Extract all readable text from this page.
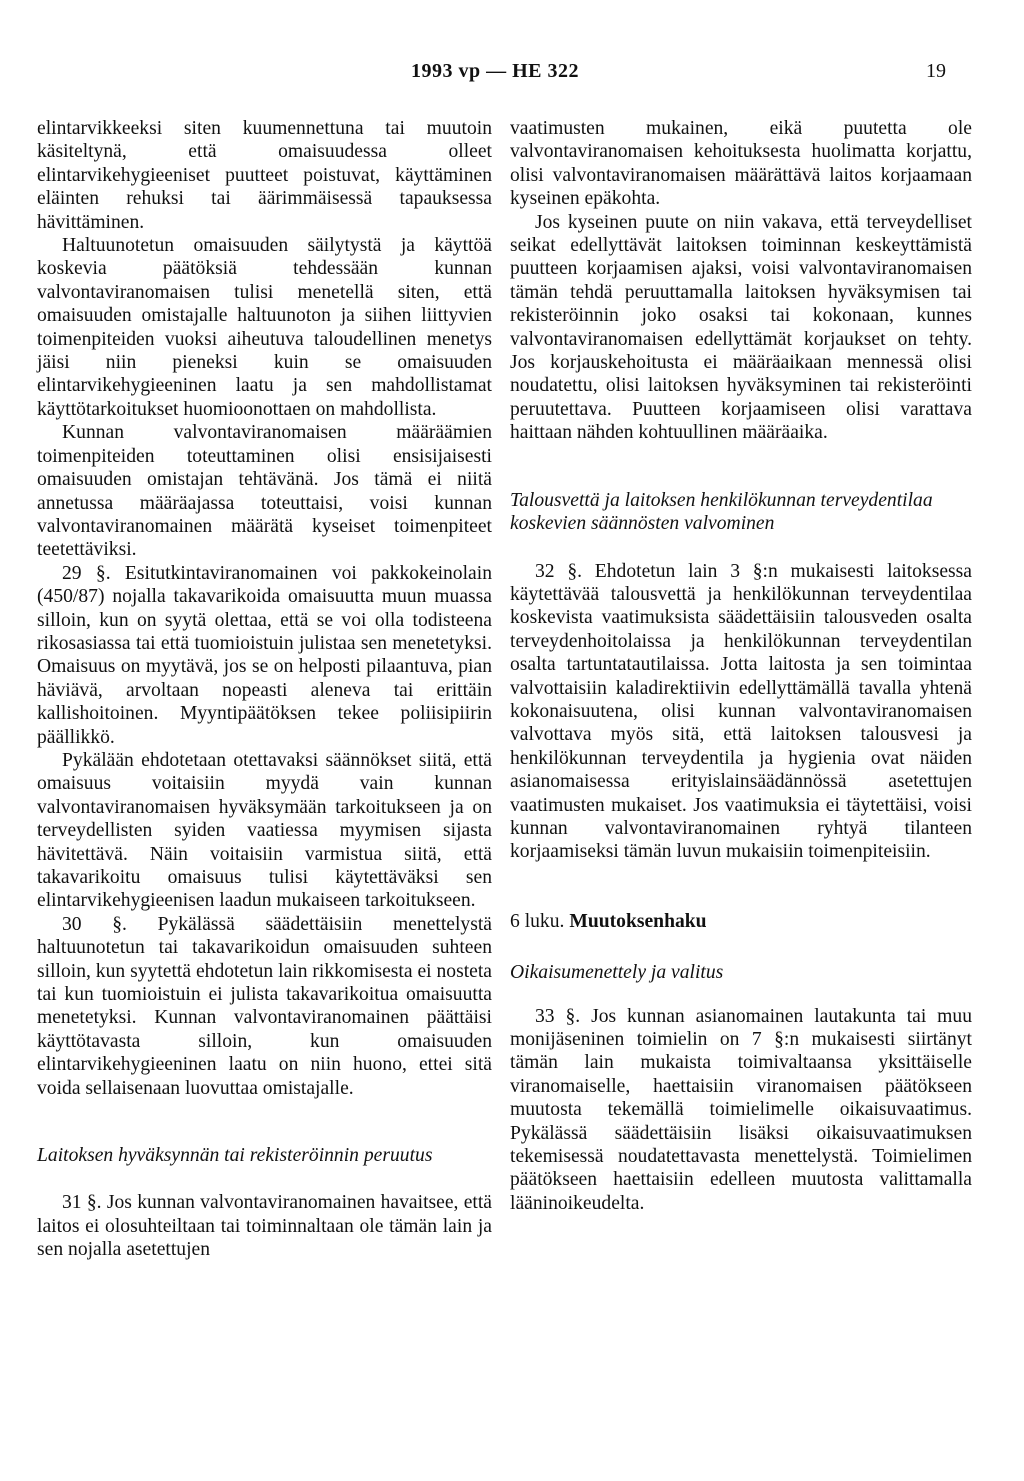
1993 vp — HE 322	19

elintarvikkeeksi siten kuumennettuna tai muutoin käsiteltynä, että omaisuudessa olleet elintarvikehygieeniset puutteet poistuvat, käyttäminen eläinten rehuksi tai äärimmäisessä tapauksessa hävittäminen.

Haltuunotetun omaisuuden säilytystä ja käyttöä koskevia päätöksiä tehdessään kunnan valvontaviranomaisen tulisi menetellä siten, että omaisuuden omistajalle haltuunoton ja siihen liittyvien toimenpiteiden vuoksi aiheutuva taloudellinen menetys jäisi niin pieneksi kuin se omaisuuden elintarvikehygieeninen laatu ja sen mahdollistamat käyttötarkoitukset huomioonottaen on mahdollista.

Kunnan valvontaviranomaisen määräämien toimenpiteiden toteuttaminen olisi ensisijaisesti omaisuuden omistajan tehtävänä. Jos tämä ei niitä annetussa määräajassa toteuttaisi, voisi kunnan valvontaviranomainen määrätä kyseiset toimenpiteet teetettäviksi.

29 §. Esitutkintaviranomainen voi pakkokeinolain (450/87) nojalla takavarikoida omaisuutta muun muassa silloin, kun on syytä olettaa, että se voi olla todisteena rikosasiassa tai että tuomioistuin julistaa sen menetetyksi. Omaisuus on myytävä, jos se on helposti pilaantuva, pian häviävä, arvoltaan nopeasti aleneva tai erittäin kallishoitoinen. Myyntipäätöksen tekee poliisipiirin päällikkö.

Pykälään ehdotetaan otettavaksi säännökset siitä, että omaisuus voitaisiin myydä vain kunnan valvontaviranomaisen hyväksymään tarkoitukseen ja on terveydellisten syiden vaatiessa myymisen sijasta hävitettävä. Näin voitaisiin varmistua siitä, että takavarikoitu omaisuus tulisi käytettäväksi sen elintarvikehygieenisen laadun mukaiseen tarkoitukseen.

30 §. Pykälässä säädettäisiin menettelystä haltuunotetun tai takavarikoidun omaisuuden suhteen silloin, kun syytettä ehdotetun lain rikkomisesta ei nosteta tai kun tuomioistuin ei julista takavarikoitua omaisuutta menetetyksi. Kunnan valvontaviranomainen päättäisi käyttötavasta silloin, kun omaisuuden elintarvikehygieeninen laatu on niin huono, ettei sitä voida sellaisenaan luovuttaa omistajalle.

Laitoksen hyväksynnän tai rekisteröinnin peruutus

31 §. Jos kunnan valvontaviranomainen havaitsee, että laitos ei olosuhteiltaan tai toiminnaltaan ole tämän lain ja sen nojalla asetettujen

vaatimusten mukainen, eikä puutetta ole valvontaviranomaisen kehoituksesta huolimatta korjattu, olisi valvontaviranomaisen määrättävä laitos korjaamaan kyseinen epäkohta.

Jos kyseinen puute on niin vakava, että terveydelliset seikat edellyttävät laitoksen toiminnan keskeyttämistä puutteen korjaamisen ajaksi, voisi valvontaviranomaisen tämän tehdä peruuttamalla laitoksen hyväksymisen tai rekisteröinnin joko osaksi tai kokonaan, kunnes valvontaviranomaisen edellyttämät korjaukset on tehty. Jos korjauskehoitusta ei määräaikaan mennessä olisi noudatettu, olisi laitoksen hyväksyminen tai rekisteröinti peruutettava. Puutteen korjaamiseen olisi varattava haittaan nähden kohtuullinen määräaika.

Talousvettä ja laitoksen henkilökunnan terveydentilaa koskevien säännösten valvominen

32 §. Ehdotetun lain 3 §:n mukaisesti laitoksessa käytettävää talousvettä ja henkilökunnan terveydentilaa koskevista vaatimuksista säädettäisiin talousveden osalta terveydenhoitolaissa ja henkilökunnan terveydentilan osalta tartuntatautilaissa. Jotta laitosta ja sen toimintaa valvottaisiin kaladirektiivin edellyttämällä tavalla yhtenä kokonaisuutena, olisi kunnan valvontaviranomaisen valvottava myös sitä, että laitoksen talousvesi ja henkilökunnan terveydentila ja hygienia ovat näiden asianomaisessa erityislainsäädännössä asetettujen vaatimusten mukaiset. Jos vaatimuksia ei täytettäisi, voisi kunnan valvontaviranomainen ryhtyä tilanteen korjaamiseksi tämän luvun mukaisiin toimenpiteisiin.

6 luku. Muutoksenhaku
Oikaisumenettely ja valitus

33 §. Jos kunnan asianomainen lautakunta tai muu monijäseninen toimielin on 7 §:n mukaisesti siirtänyt tämän lain mukaista toimivaltaansa yksittäiselle viranomaiselle, haettaisiin viranomaisen päätökseen muutosta tekemällä toimielimelle oikaisuvaatimus. Pykälässä säädettäisiin lisäksi oikaisuvaatimuksen tekemisessä noudatettavasta menettelystä. Toimielimen päätökseen haettaisiin edelleen muutosta valittamalla lääninoikeudelta.
